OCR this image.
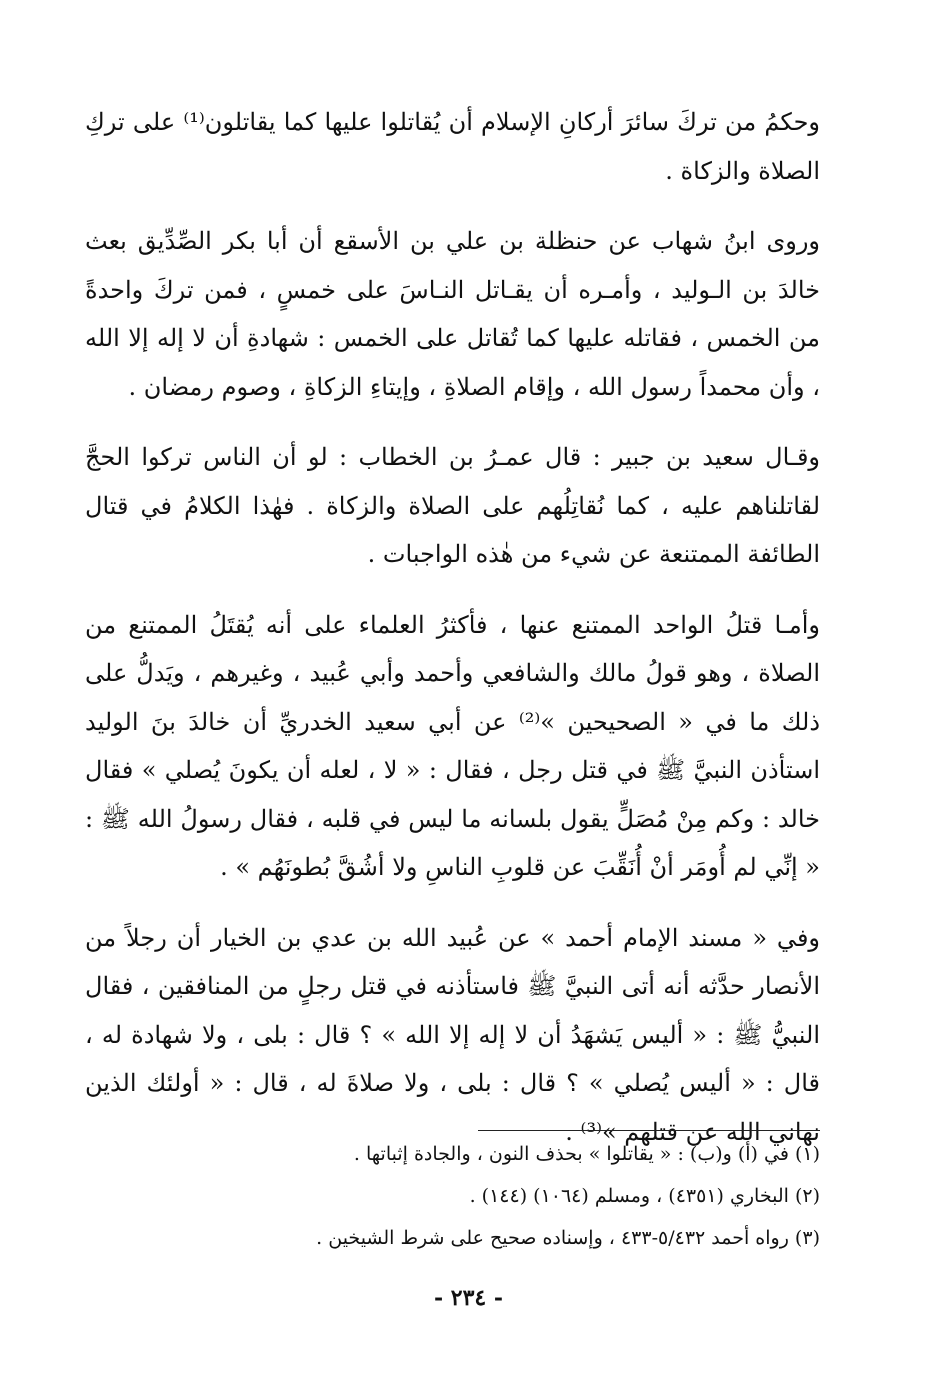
وحكمُ من تركَ سائرَ أركانِ الإسلام أن يُقاتلوا عليها كما يقاتلون⁽¹⁾ على تركِ الصلاة والزكاة .

وروى ابنُ شهاب عن حنظلة بن علي بن الأسقع أن أبا بكر الصِّدِّيق بعث خالدَ بن الـوليد ، وأمـره أن يقـاتل النـاسَ على خمسٍ ، فمن تركَ واحدةً من الخمس ، فقاتله عليها كما تُقاتل على الخمس : شهادةِ أن لا إله إلا الله ، وأن محمداً رسول الله ، وإقام الصلاةِ ، وإيتاءِ الزكاةِ ، وصوم رمضان .

وقـال سعيد بن جبير : قال عمـرُ بن الخطاب : لو أن الناس تركوا الحجَّ لقاتلناهم عليه ، كما نُقاتِلُهم على الصلاة والزكاة . فهٰذا الكلامُ في قتال الطائفة الممتنعة عن شيء من هٰذه الواجبات .

وأمـا قتلُ الواحد الممتنع عنها ، فأكثرُ العلماء على أنه يُقتَلُ الممتنع من الصلاة ، وهو قولُ مالك والشافعي وأحمد وأبي عُبيد ، وغيرهم ، ويَدلُّ على ذلك ما في « الصحيحين »⁽²⁾ عن أبي سعيد الخدريِّ أن خالدَ بنَ الوليد استأذن النبيَّ ﷺ في قتل رجل ، فقال : « لا ، لعله أن يكونَ يُصلي » فقال خالد : وكم مِنْ مُصَلٍّ يقول بلسانه ما ليس في قلبه ، فقال رسولُ الله ﷺ : « إنِّي لم أُومَر أنْ أُنَقِّبَ عن قلوبِ الناسِ ولا أشُقَّ بُطونَهُم » .

وفي « مسند الإمام أحمد » عن عُبيد الله بن عدي بن الخيار أن رجلاً من الأنصار حدَّثه أنه أتى النبيَّ ﷺ فاستأذنه في قتل رجلٍ من المنافقين ، فقال النبيُّ ﷺ : « أليس يَشهَدُ أن لا إله إلا الله » ؟ قال : بلى ، ولا شهادة له ، قال : « أليس يُصلي » ؟ قال : بلى ، ولا صلاةَ له ، قال : « أولئك الذين نهاني الله عن قتلهم »⁽³⁾ .

(١) في (أ) و(ب) : « يقاتلوا » بحذف النون ، والجادة إثباتها .
(٢) البخاري (٤٣٥١) ، ومسلم (١٠٦٤) (١٤٤) .
(٣) رواه أحمد ٥/٤٣٢-٤٣٣ ، وإسناده صحيح على شرط الشيخين .
- ٢٣٤ -
